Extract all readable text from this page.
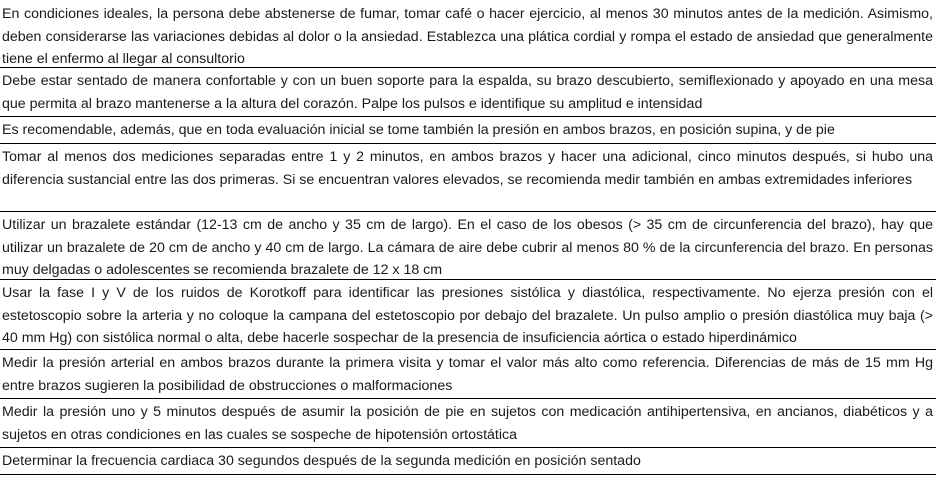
En condiciones ideales, la persona debe abstenerse de fumar, tomar café o hacer ejercicio, al menos 30 minutos antes de la medición. Asimismo, deben considerarse las variaciones debidas al dolor o la ansiedad. Establezca una plática cordial y rompa el estado de ansiedad que generalmente tiene el enfermo al llegar al consultorio
Debe estar sentado de manera confortable y con un buen soporte para la espalda, su brazo descubierto, semiflexionado y apoyado en una mesa que permita al brazo mantenerse a la altura del corazón. Palpe los pulsos e identifique su amplitud e intensidad
Es recomendable, además, que en toda evaluación inicial se tome también la presión en ambos brazos, en posición supina, y de pie
Tomar al menos dos mediciones separadas entre 1 y 2 minutos, en ambos brazos y hacer una adicional, cinco minutos después, si hubo una diferencia sustancial entre las dos primeras. Si se encuentran valores elevados, se recomienda medir también en ambas extremidades inferiores
Utilizar un brazalete estándar (12-13 cm de ancho y 35 cm de largo). En el caso de los obesos (> 35 cm de circunferencia del brazo), hay que utilizar un brazalete de 20 cm de ancho y 40 cm de largo. La cámara de aire debe cubrir al menos 80 % de la circunferencia del brazo. En personas muy delgadas o adolescentes se recomienda brazalete de 12 x 18 cm
Usar la fase I y V de los ruidos de Korotkoff para identificar las presiones sistólica y diastólica, respectivamente. No ejerza presión con el estetoscopio sobre la arteria y no coloque la campana del estetoscopio por debajo del brazalete. Un pulso amplio o presión diastólica muy baja (> 40 mm Hg) con sistólica normal o alta, debe hacerle sospechar de la presencia de insuficiencia aórtica o estado hiperdinámico
Medir la presión arterial en ambos brazos durante la primera visita y tomar el valor más alto como referencia. Diferencias de más de 15 mm Hg entre brazos sugieren la posibilidad de obstrucciones o malformaciones
Medir la presión uno y 5 minutos después de asumir la posición de pie en sujetos con medicación antihipertensiva, en ancianos, diabéticos y a sujetos en otras condiciones en las cuales se sospeche de hipotensión ortostática
Determinar la frecuencia cardiaca 30 segundos después de la segunda medición en posición sentado
